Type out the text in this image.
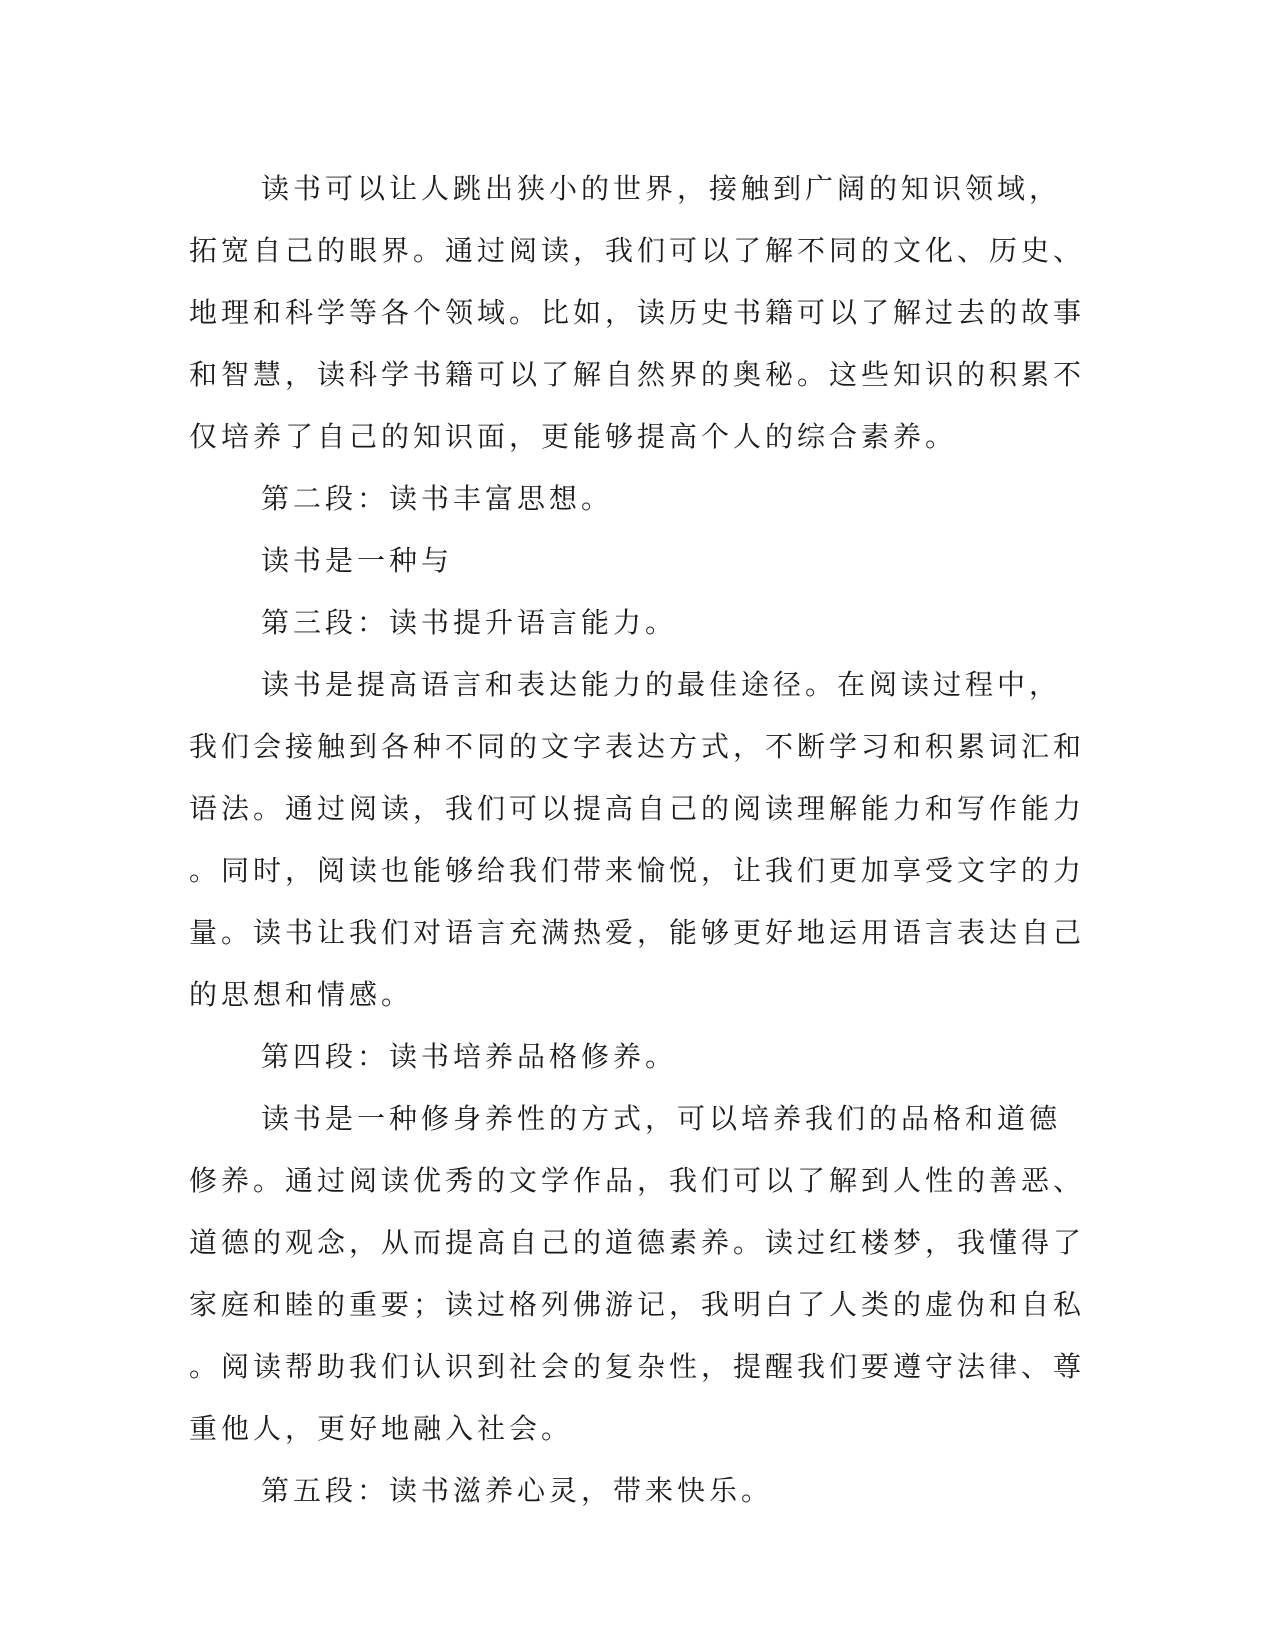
读书可以让人跳出狭小的世界，接触到广阔的知识领域，拓宽自己的眼界。通过阅读，我们可以了解不同的文化、历史、地理和科学等各个领域。比如，读历史书籍可以了解过去的故事和智慧，读科学书籍可以了解自然界的奥秘。这些知识的积累不仅培养了自己的知识面，更能够提高个人的综合素养。

第二段：读书丰富思想。

读书是一种与

第三段：读书提升语言能力。

读书是提高语言和表达能力的最佳途径。在阅读过程中，我们会接触到各种不同的文字表达方式，不断学习和积累词汇和语法。通过阅读，我们可以提高自己的阅读理解能力和写作能力。同时，阅读也能够给我们带来愉悦，让我们更加享受文字的力量。读书让我们对语言充满热爱，能够更好地运用语言表达自己的思想和情感。

第四段：读书培养品格修养。

读书是一种修身养性的方式，可以培养我们的品格和道德修养。通过阅读优秀的文学作品，我们可以了解到人性的善恶、道德的观念，从而提高自己的道德素养。读过红楼梦，我懂得了家庭和睦的重要；读过格列佛游记，我明白了人类的虚伪和自私。阅读帮助我们认识到社会的复杂性，提醒我们要遵守法律、尊重他人，更好地融入社会。

第五段：读书滋养心灵，带来快乐。
